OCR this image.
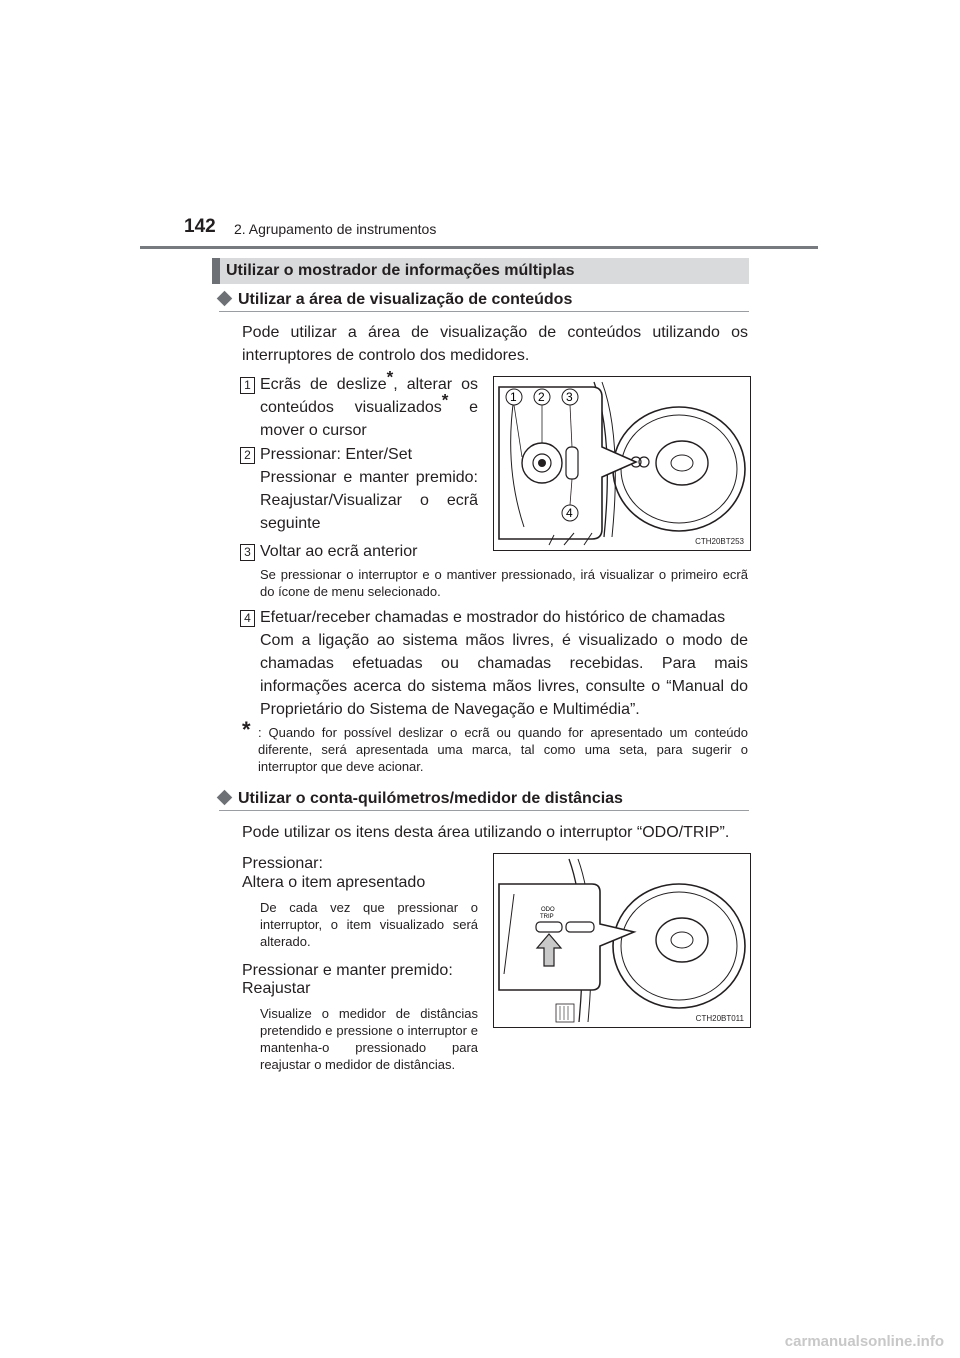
142 2. Agrupamento de instrumentos
Utilizar o mostrador de informações múltiplas
Utilizar a área de visualização de conteúdos
Pode utilizar a área de visualização de conteúdos utilizando os interruptores de controlo dos medidores.
1 Ecrãs de deslize*, alterar os conteúdos visualizados* e mover o cursor
2 Pressionar: Enter/Set
Pressionar e manter premido: Reajustar/Visualizar o ecrã seguinte
3 Voltar ao ecrã anterior
Se pressionar o interruptor e o mantiver pressionado, irá visualizar o primeiro ecrã do ícone de menu selecionado.
4 Efetuar/receber chamadas e mostrador do histórico de chamadas
Com a ligação ao sistema mãos livres, é visualizado o modo de chamadas efetuadas ou chamadas recebidas. Para mais informações acerca do sistema mãos livres, consulte o “Manual do Proprietário do Sistema de Navegação e Multimédia”.
* : Quando for possível deslizar o ecrã ou quando for apresentado um conteúdo diferente, será apresentada uma marca, tal como uma seta, para sugerir o interruptor que deve acionar.
1 2 3
4
CTH20BT253
Utilizar o conta-quilómetros/medidor de distâncias
Pode utilizar os itens desta área utilizando o interruptor “ODO/TRIP”.
Pressionar:
Altera o item apresentado
De cada vez que pressionar o interruptor, o item visualizado será alterado.
Pressionar e manter premido:
Reajustar
Visualize o medidor de distâncias pretendido e pressione o interruptor e mantenha-o pressionado para reajustar o medidor de distâncias.
ODO
TRIP
CTH20BT011
carmanualsonline.info
